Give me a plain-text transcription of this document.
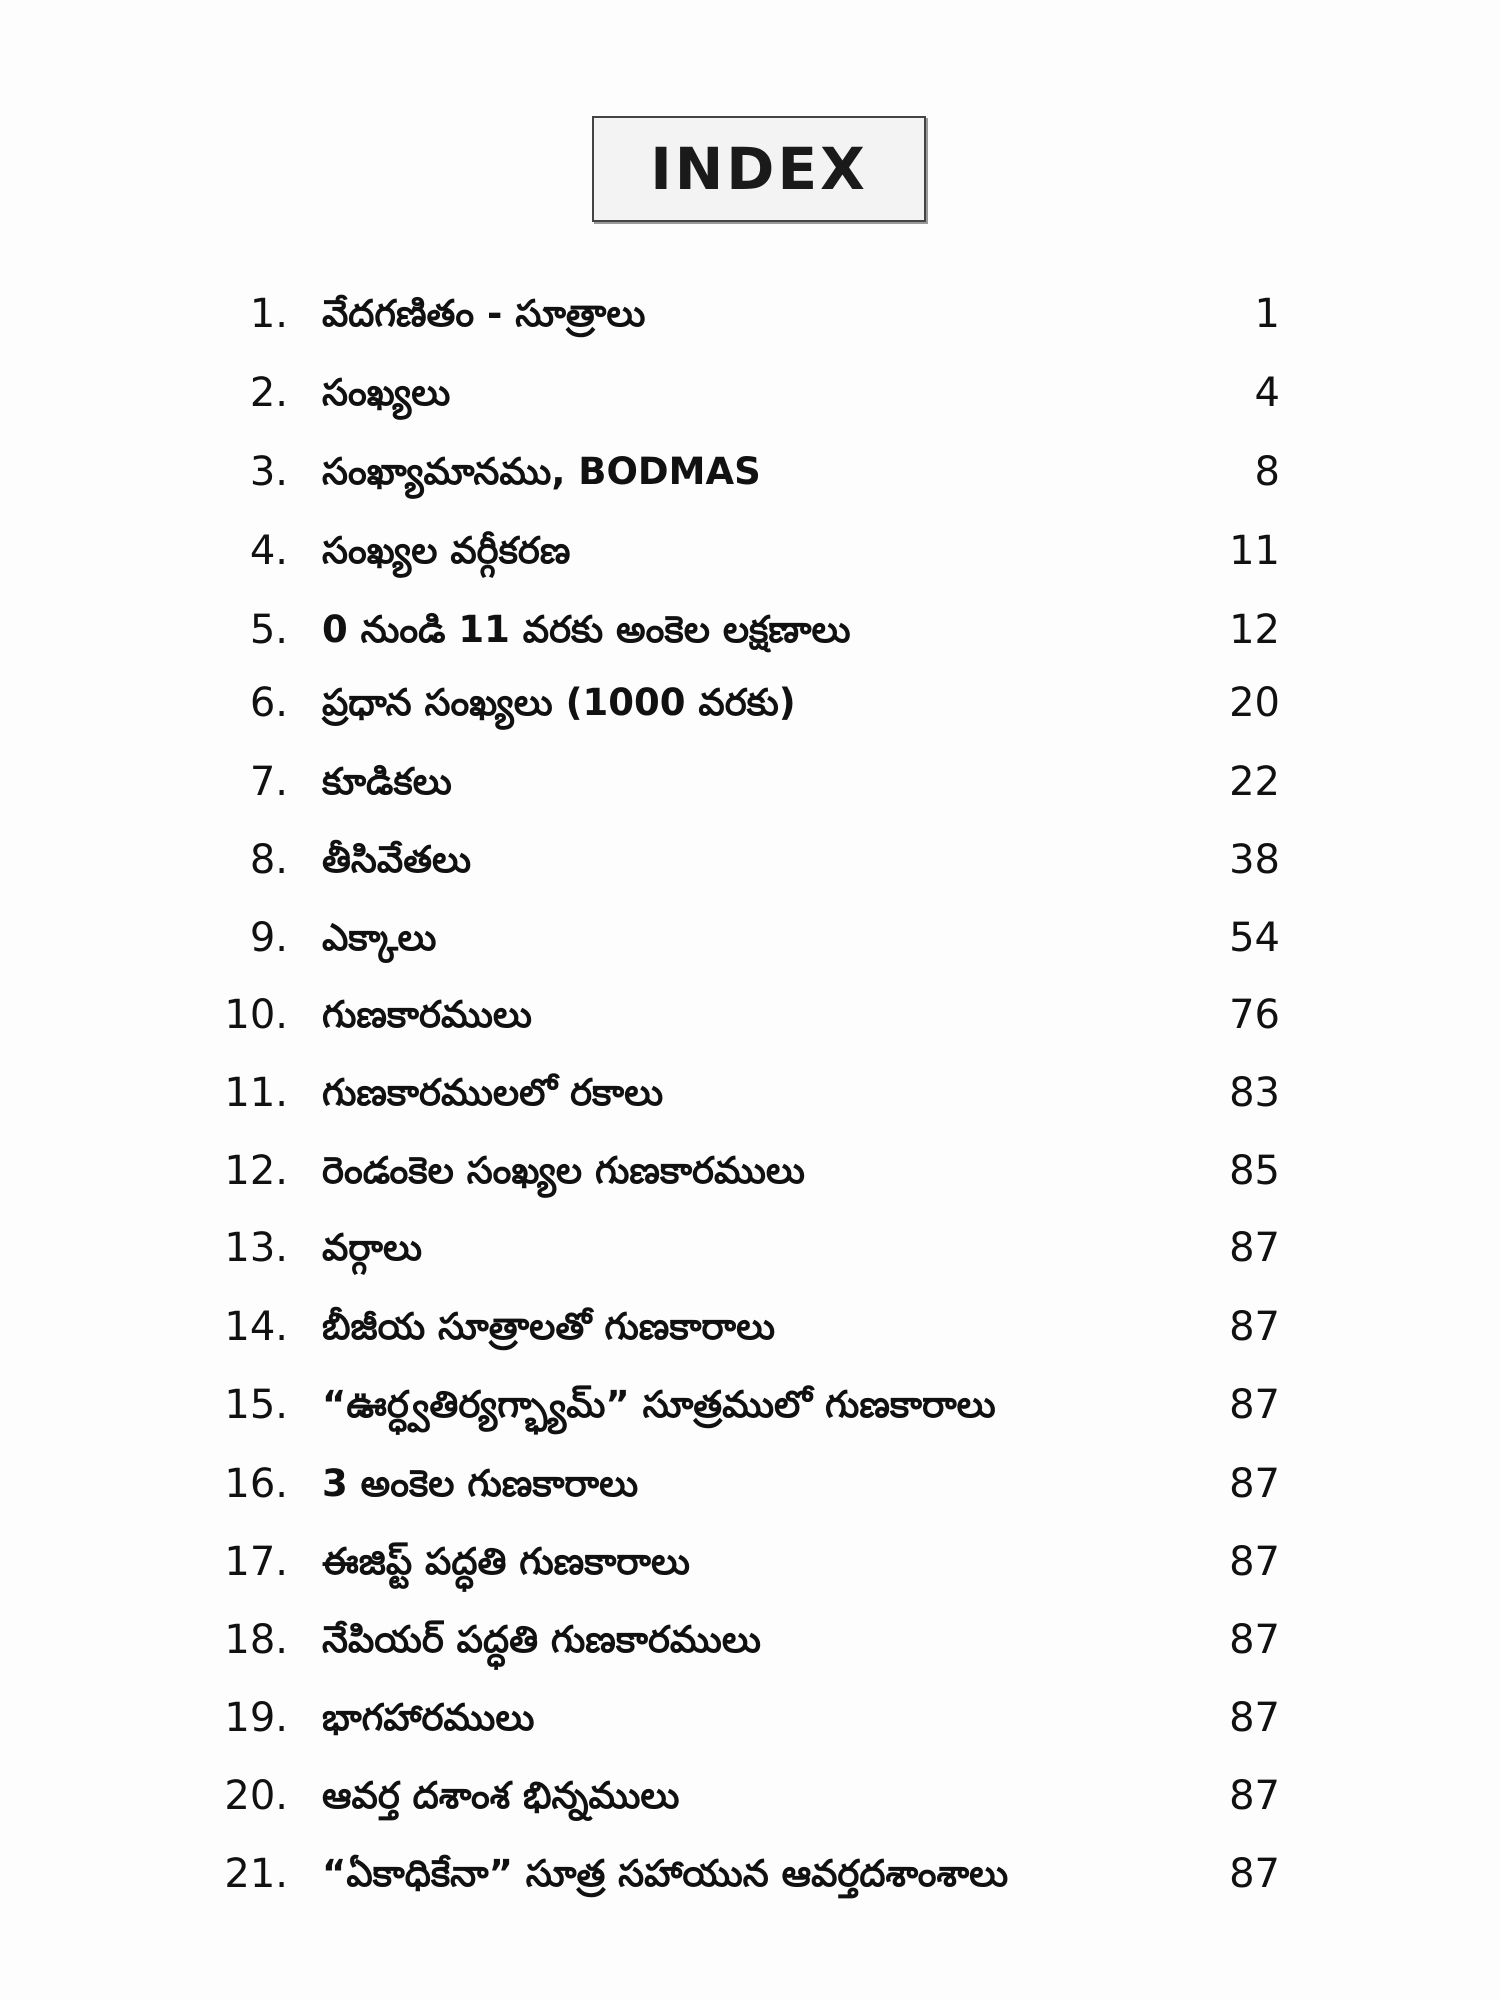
INDEX
1. వేదగణితం - సూత్రాలు	1
2. సంఖ్యలు	4
3. సంఖ్యామానము, BODMAS	8
4. సంఖ్యల వర్గీకరణ	11
5. 0 నుండి 11 వరకు అంకెల లక్షణాలు	12
6. ప్రధాన సంఖ్యలు (1000 వరకు)	20
7. కూడికలు	22
8. తీసివేతలు	38
9. ఎక్కాలు	54
10. గుణకారములు	76
11. గుణకారములలో రకాలు	83
12. రెండంకెల సంఖ్యల గుణకారములు	85
13. వర్గాలు	87
14. బీజీయ సూత్రాలతో గుణకారాలు	87
15. “ఊర్ధ్వతిర్యగ్భ్యామ్” సూత్రములో గుణకారాలు	87
16. 3 అంకెల గుణకారాలు	87
17. ఈజిప్ట్ పద్ధతి గుణకారాలు	87
18. నేపియర్ పద్ధతి గుణకారములు	87
19. భాగహారములు	87
20. ఆవర్త దశాంశ భిన్నములు	87
21. “ఏకాధికేనా” సూత్ర సహాయున ఆవర్తదశాంశాలు	87
